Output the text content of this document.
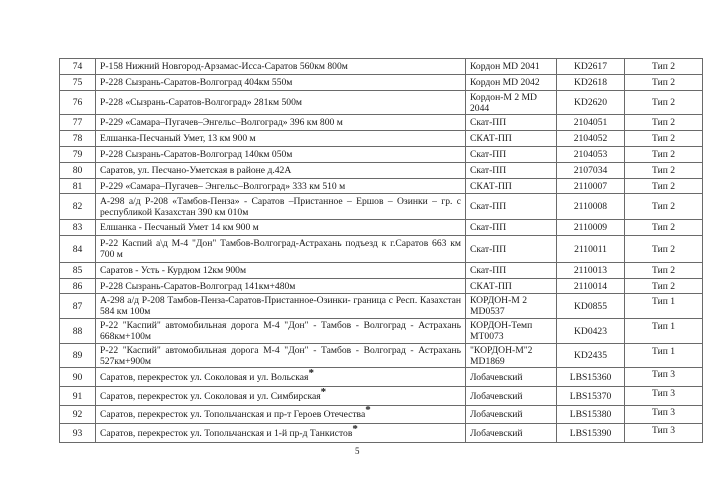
74	Р-158 Нижний Новгород-Арзамас-Исса-Саратов 560км 800м	Кордон MD 2041	KD2617	Тип 2
75	Р-228 Сызрань-Саратов-Волгоград 404км 550м	Кордон MD 2042	KD2618	Тип 2
76	Р-228 «Сызрань-Саратов-Волгоград» 281км 500м	Кордон-М 2 MD 2044	KD2620	Тип 2
77	Р-229 «Самара–Пугачев–Энгельс–Волгоград» 396 км 800 м	Скат-ПП	2104051	Тип 2
78	Елшанка-Песчаный Умет, 13 км 900 м	СКАТ-ПП	2104052	Тип 2
79	Р-228 Сызрань-Саратов-Волгоград 140км 050м	Скат-ПП	2104053	Тип 2
80	Саратов, ул. Песчано-Уметская в районе д.42А	Скат-ПП	2107034	Тип 2
81	Р-229 «Самара–Пугачев– Энгельс–Волгоград» 333 км 510 м	СКАТ-ПП	2110007	Тип 2
82	А-298 а/д Р-208 «Тамбов-Пенза» - Саратов –Пристанное – Ершов – Озинки – гр. с республикой Казахстан 390 км 010м	Скат-ПП	2110008	Тип 2
83	Елшанка - Песчаный Умет 14 км 900 м	Скат-ПП	2110009	Тип 2
84	Р-22 Каспий а\д М-4 "Дон" Тамбов-Волгоград-Астрахань подъезд к г.Саратов 663 км 700 м	Скат-ПП	2110011	Тип 2
85	Саратов - Усть - Курдюм 12км 900м	Скат-ПП	2110013	Тип 2
86	Р-228 Сызрань-Саратов-Волгоград 141км+480м	СКАТ-ПП	2110014	Тип 2
87	А-298 а/д Р-208 Тамбов-Пенза-Саратов-Пристанное-Озинки- граница с Респ. Казахстан 584 км 100м	КОРДОН-М 2 MD0537	KD0855	Тип 1
88	Р-22 "Каспий" автомобильная дорога М-4 "Дон" - Тамбов - Волгоград - Астрахань 668км+100м	КОРДОН-Темп МТ0073	KD0423	Тип 1
89	Р-22 "Каспий" автомобильная дорога М-4 "Дон" - Тамбов - Волгоград - Астрахань 527км+900м	"КОРДОН-М"2 MD1869	KD2435	Тип 1
90	Саратов, перекресток ул. Соколовая и ул. Вольская*	Лобачевский	LBS15360	Тип 3
91	Саратов, перекресток ул. Соколовая и ул. Симбирская*	Лобачевский	LBS15370	Тип 3
92	Саратов, перекресток ул. Топольчанская и пр-т Героев Отечества*	Лобачевский	LBS15380	Тип 3
93	Саратов, перекресток ул. Топольчанская и 1-й пр-д Танкистов*	Лобачевский	LBS15390	Тип 3
5
